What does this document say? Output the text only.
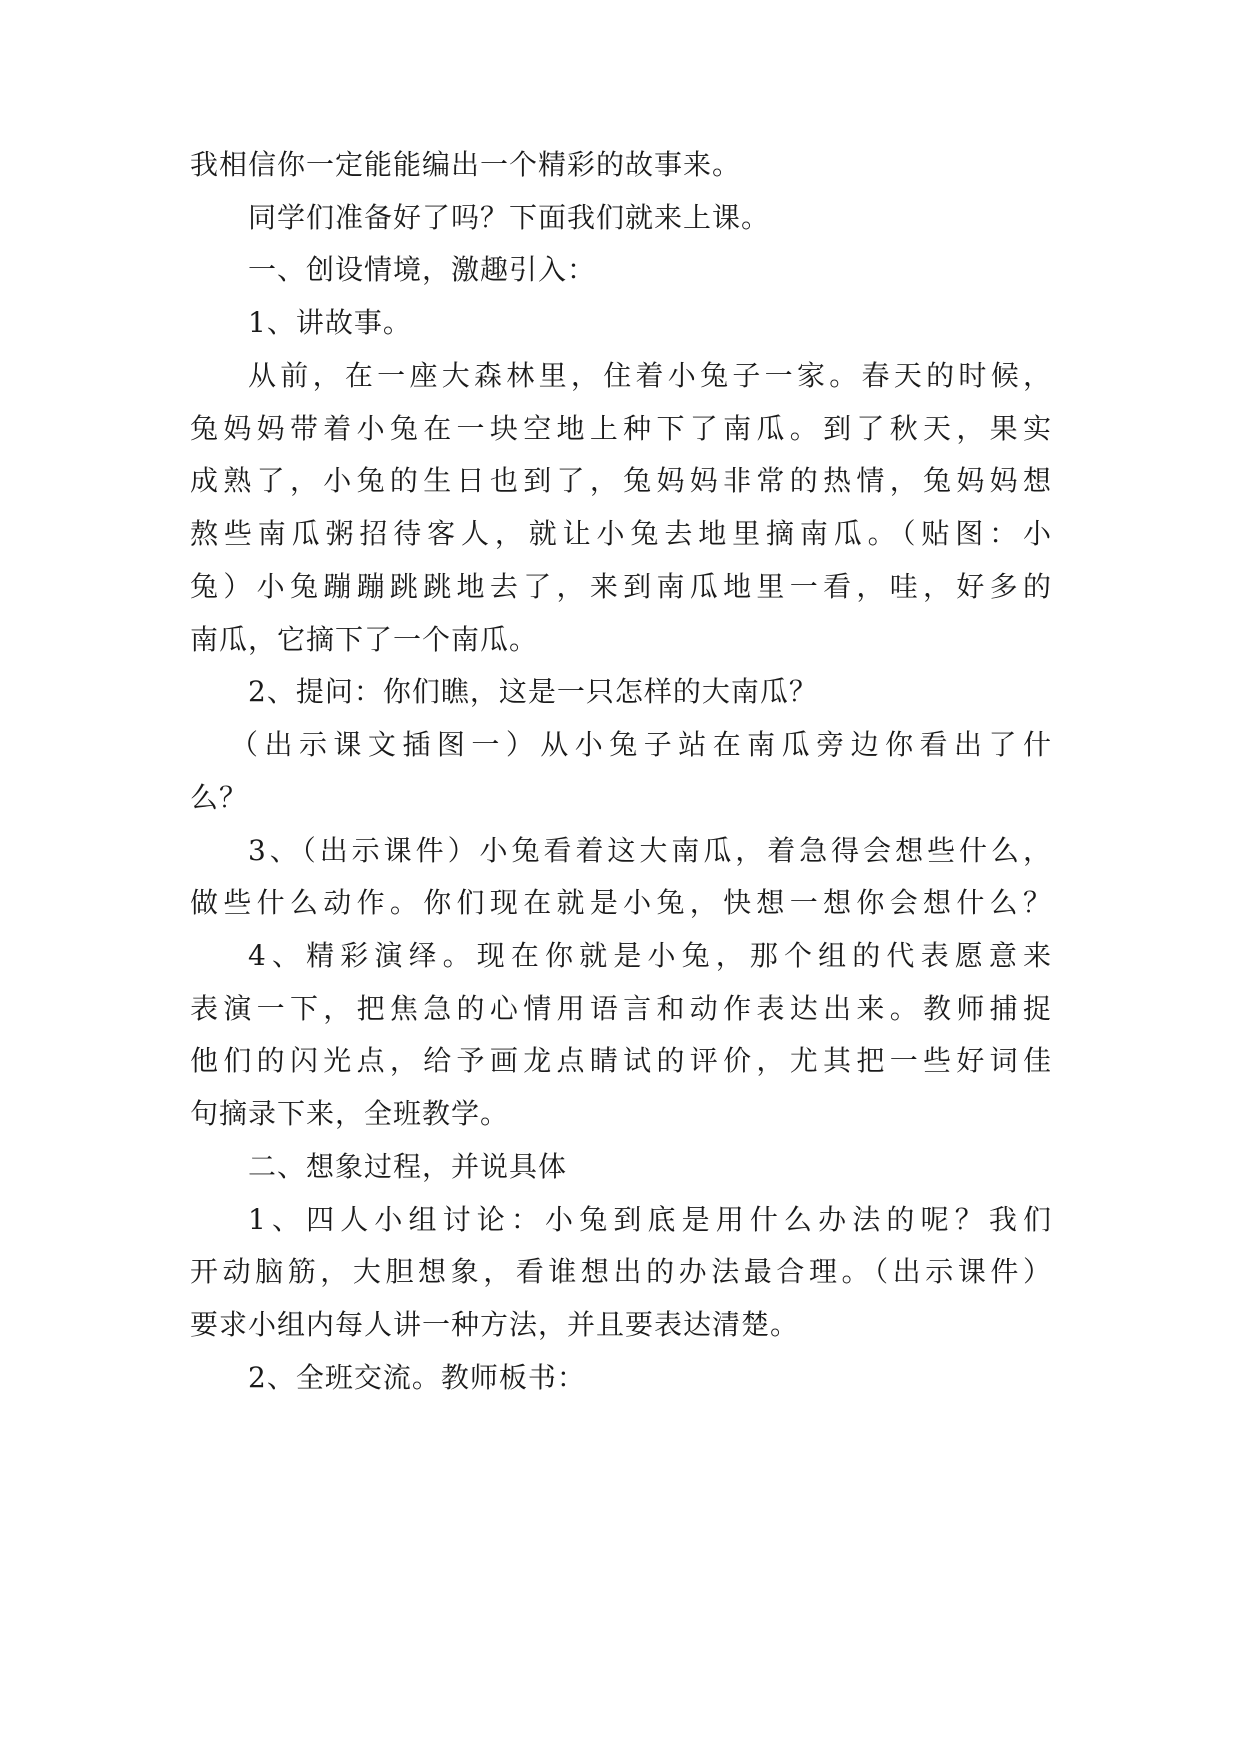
我相信你一定能能编出一个精彩的故事来。
同学们准备好了吗？下面我们就来上课。
一、创设情境，激趣引入：
1、讲故事。
从前，在一座大森林里，住着小兔子一家。春天的时候，
兔妈妈带着小兔在一块空地上种下了南瓜。到了秋天，果实
成熟了，小兔的生日也到了，兔妈妈非常的热情，兔妈妈想
熬些南瓜粥招待客人，就让小兔去地里摘南瓜。（贴图：小
兔）小兔蹦蹦跳跳地去了，来到南瓜地里一看，哇，好多的
南瓜，它摘下了一个南瓜。
2、提问：你们瞧，这是一只怎样的大南瓜？
（出示课文插图一）从小兔子站在南瓜旁边你看出了什
么？
3、（出示课件）小兔看着这大南瓜，着急得会想些什么，
做些什么动作。你们现在就是小兔，快想一想你会想什么？
4、精彩演绎。现在你就是小兔，那个组的代表愿意来
表演一下，把焦急的心情用语言和动作表达出来。教师捕捉
他们的闪光点，给予画龙点睛试的评价，尤其把一些好词佳
句摘录下来，全班教学。
二、想象过程，并说具体
1、四人小组讨论：小兔到底是用什么办法的呢？我们
开动脑筋，大胆想象，看谁想出的办法最合理。（出示课件）
要求小组内每人讲一种方法，并且要表达清楚。
2、全班交流。教师板书：
